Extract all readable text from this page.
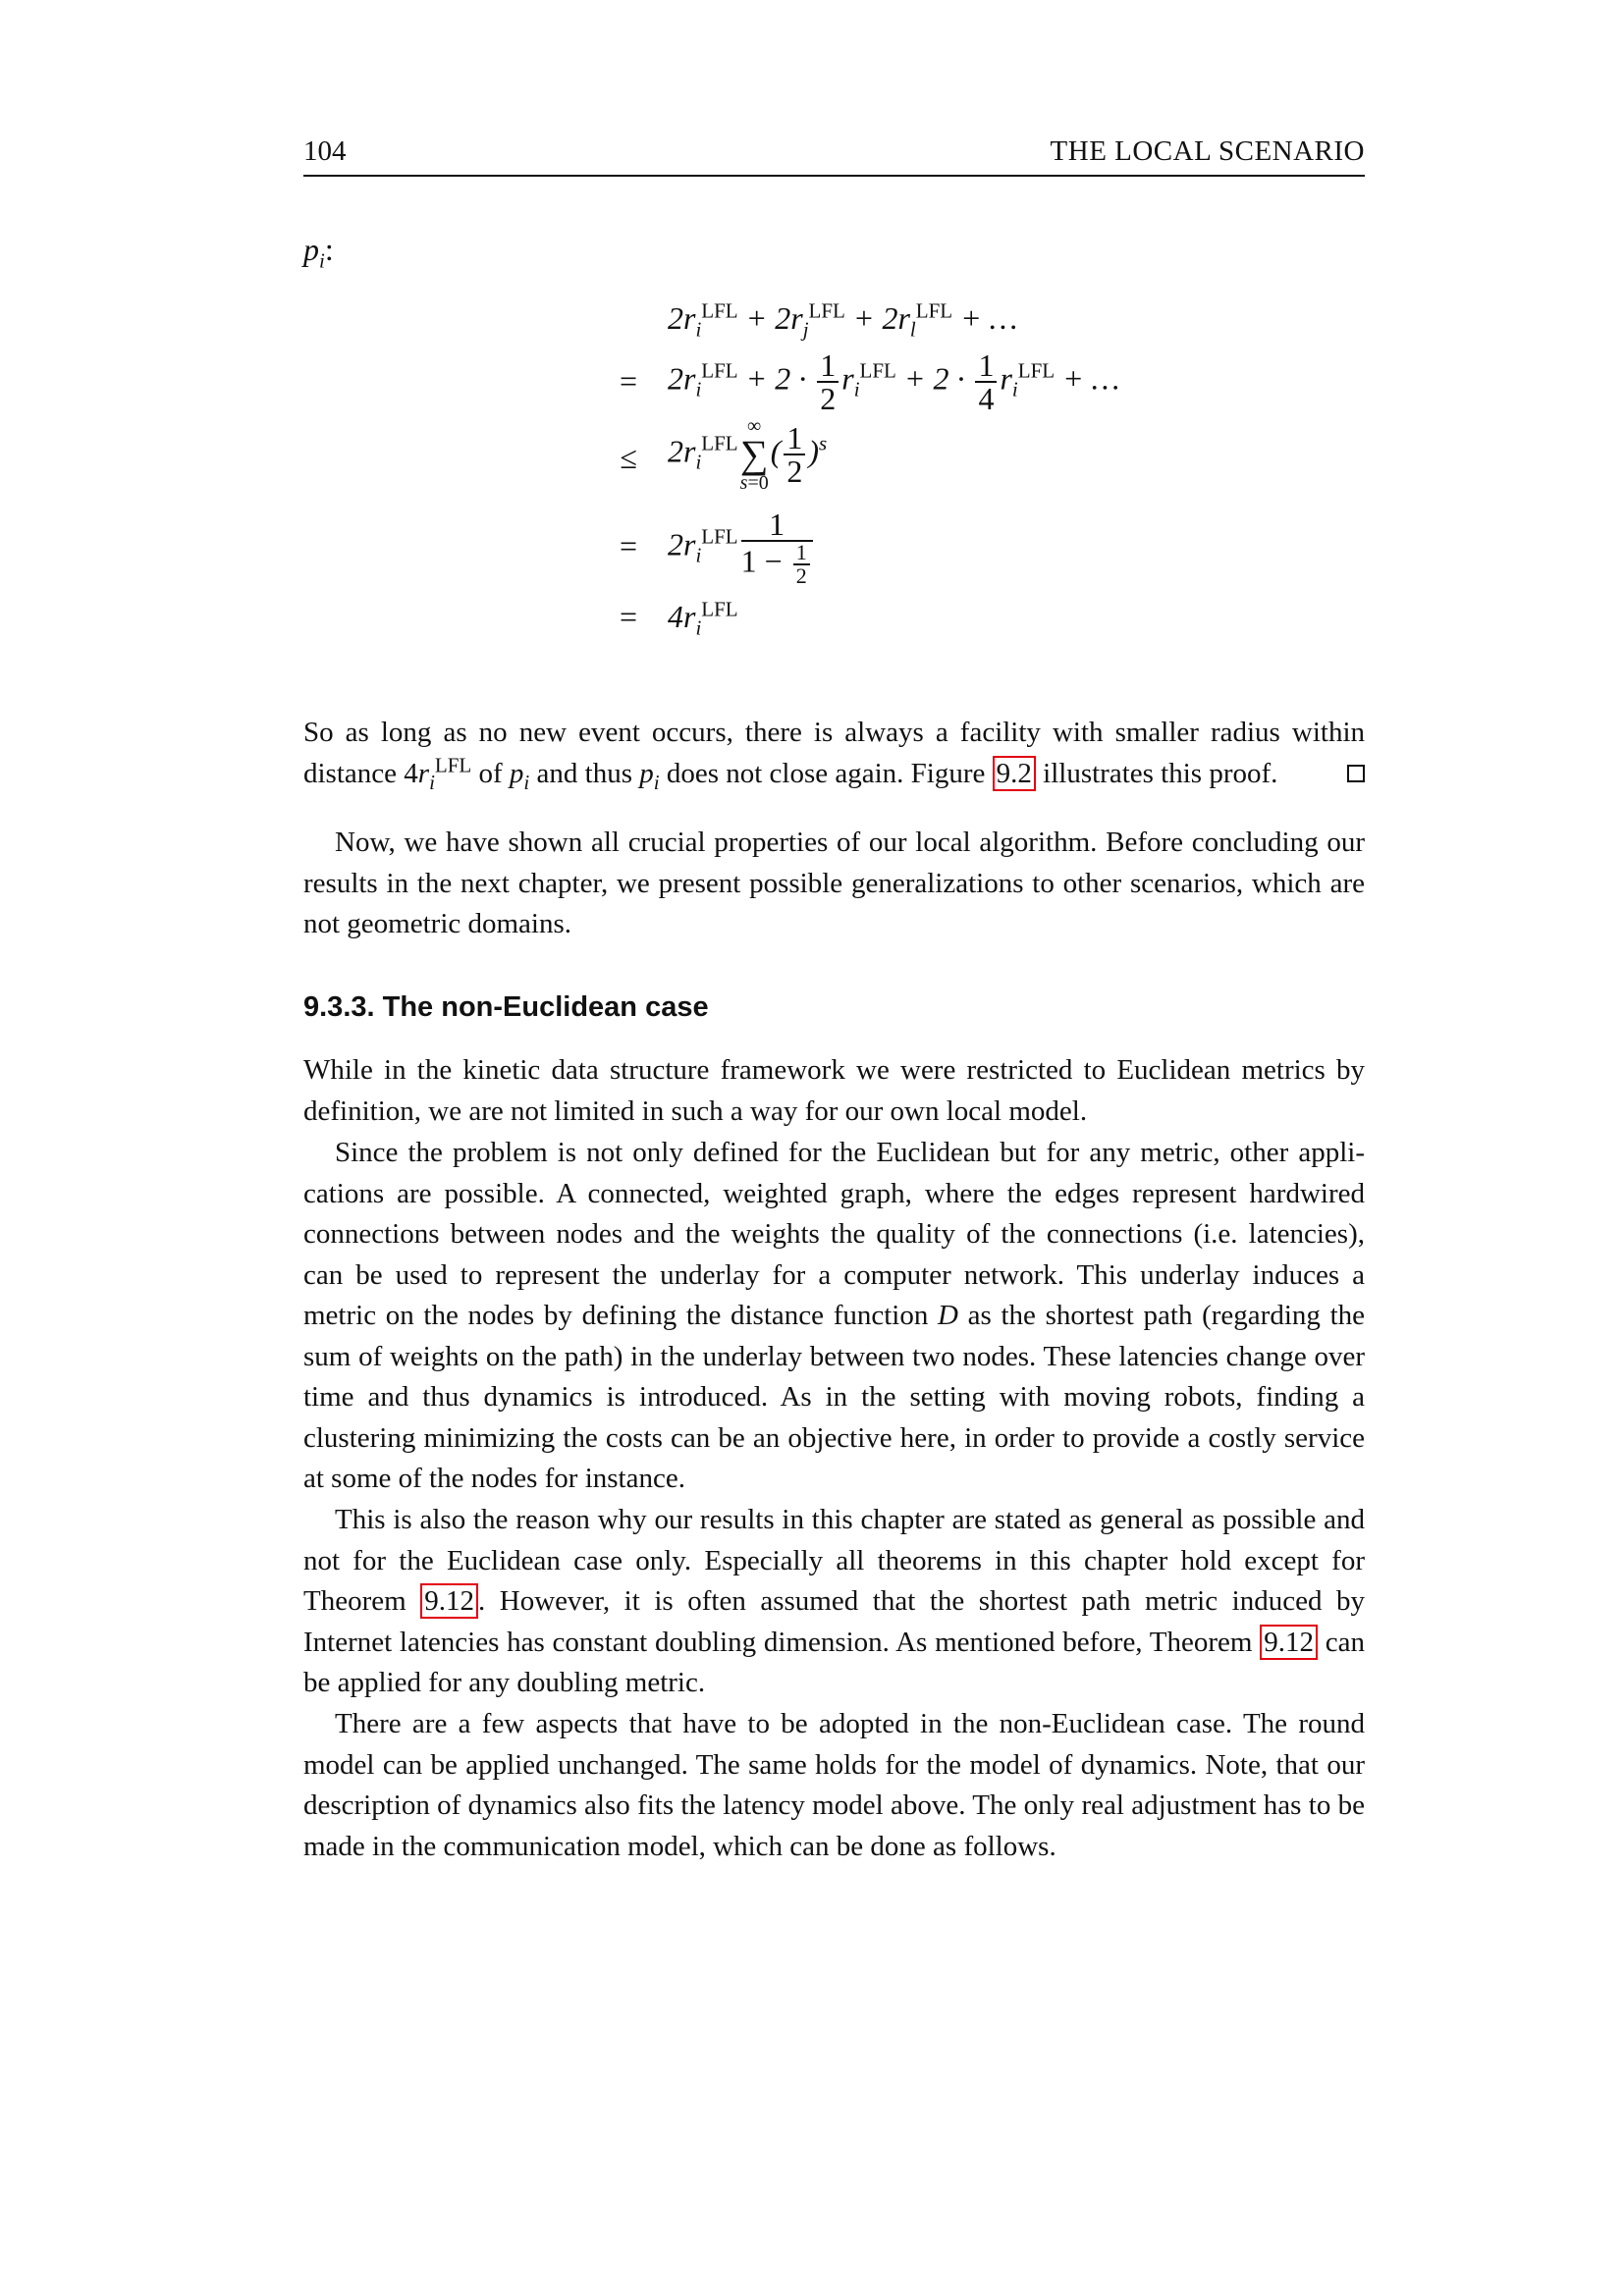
104	THE LOCAL SCENARIO
$p_i$:
$2r_i^{LFL} + 2r_j^{LFL} + 2r_l^{LFL}$ + …
= $2r_i^{LFL} + 2 \cdot \frac{1}{2} r_i^{LFL} + 2 \cdot \frac{1}{4} r_i^{LFL}$ + …
≤ $2r_i^{LFL}$
∞
∑
s=0
( $\frac{1}{2} )^s$
= $2r_i^{LFL} \frac{1}{1 - \frac{1}{2}}$
= $4r_i^{LFL}$

So as long as no new event occurs, there is always a facility with smaller radius within distance $4r_i^{LFL}$ of $p_i$ and thus $p_i$ does not close again. Figure 9.2 illustrates this proof.

Now, we have shown all crucial properties of our local algorithm. Before concluding our results in the next chapter, we present possible generalizations to other scenarios, which are not geometric domains.

9.3.3. The non-Euclidean case

While in the kinetic data structure framework we were restricted to Euclidean metrics by definition, we are not limited in such a way for our own local model.

Since the problem is not only defined for the Euclidean but for any metric, other appli-cations are possible. A connected, weighted graph, where the edges represent hardwired connections between nodes and the weights the quality of the connections (i.e. latencies), can be used to represent the underlay for a computer network. This underlay induces a metric on the nodes by defining the distance function D as the shortest path (regarding the sum of weights on the path) in the underlay between two nodes. These latencies change over time and thus dynamics is introduced. As in the setting with moving robots, finding a clustering minimizing the costs can be an objective here, in order to provide a costly service at some of the nodes for instance.

This is also the reason why our results in this chapter are stated as general as possible and not for the Euclidean case only. Especially all theorems in this chapter hold except for Theorem 9.12 . However, it is often assumed that the shortest path metric induced by Internet latencies has constant doubling dimension. As mentioned before, Theorem 9.12 can be applied for any doubling metric.

There are a few aspects that have to be adopted in the non-Euclidean case. The round model can be applied unchanged. The same holds for the model of dynamics. Note, that our description of dynamics also fits the latency model above. The only real adjustment has to be made in the communication model, which can be done as follows.
